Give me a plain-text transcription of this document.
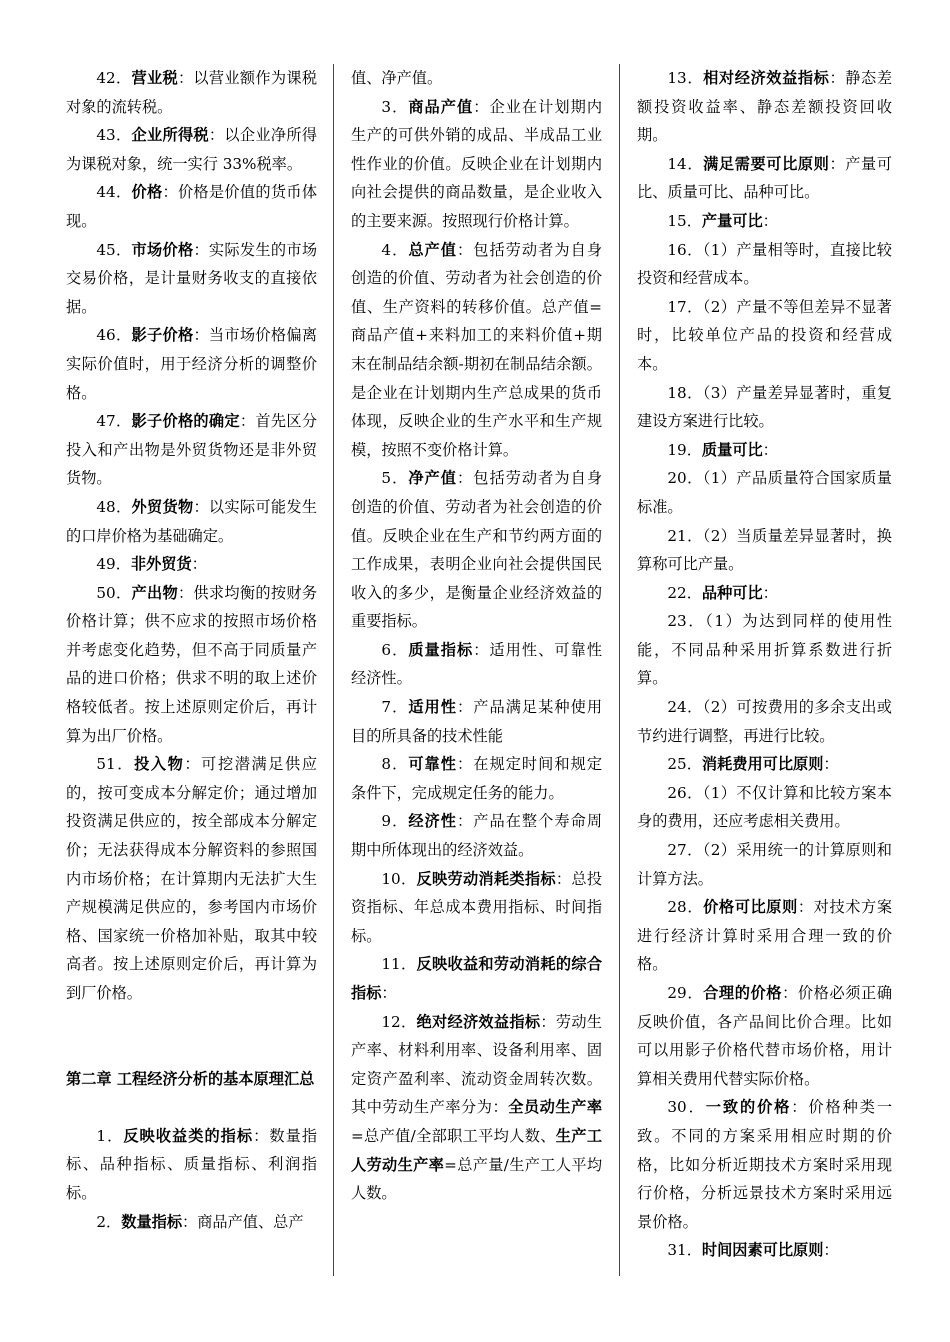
42．营业税：以营业额作为课税对象的流转税。

43．企业所得税：以企业净所得为课税对象，统一实行 33%税率。

44．价格：价格是价值的货币体现。

45．市场价格：实际发生的市场交易价格，是计量财务收支的直接依据。

46．影子价格：当市场价格偏离实际价值时，用于经济分析的调整价格。

47．影子价格的确定：首先区分投入和产出物是外贸货物还是非外贸货物。

48．外贸货物：以实际可能发生的口岸价格为基础确定。

49．非外贸货：

50．产出物：供求均衡的按财务价格计算；供不应求的按照市场价格并考虑变化趋势，但不高于同质量产品的进口价格；供求不明的取上述价格较低者。按上述原则定价后，再计算为出厂价格。

51．投入物：可挖潜满足供应的，按可变成本分解定价；通过增加投资满足供应的，按全部成本分解定价；无法获得成本分解资料的参照国内市场价格；在计算期内无法扩大生产规模满足供应的，参考国内市场价格、国家统一价格加补贴，取其中较高者。按上述原则定价后，再计算为到厂价格。

第二章 工程经济分析的基本原理汇总

1．反映收益类的指标：数量指标、品种指标、质量指标、利润指标。

2．数量指标：商品产值、总产

值、净产值。

3．商品产值：企业在计划期内生产的可供外销的成品、半成品工业性作业的价值。反映企业在计划期内向社会提供的商品数量，是企业收入的主要来源。按照现行价格计算。

4．总产值：包括劳动者为自身创造的价值、劳动者为社会创造的价值、生产资料的转移价值。总产值=商品产值+来料加工的来料价值+期末在制品结余额-期初在制品结余额。是企业在计划期内生产总成果的货币体现，反映企业的生产水平和生产规模，按照不变价格计算。

5．净产值：包括劳动者为自身创造的价值、劳动者为社会创造的价值。反映企业在生产和节约两方面的工作成果，表明企业向社会提供国民收入的多少，是衡量企业经济效益的重要指标。

6．质量指标：适用性、可靠性经济性。

7．适用性：产品满足某种使用目的所具备的技术性能

8．可靠性：在规定时间和规定条件下，完成规定任务的能力。

9．经济性：产品在整个寿命周期中所体现出的经济效益。

10．反映劳动消耗类指标：总投资指标、年总成本费用指标、时间指标。

11．反映收益和劳动消耗的综合指标：

12．绝对经济效益指标：劳动生产率、材料利用率、设备利用率、固定资产盈利率、流动资金周转次数。其中劳动生产率分为：全员动生产率=总产值/全部职工平均人数、生产工人劳动生产率=总产量/生产工人平均人数。

13．相对经济效益指标：静态差额投资收益率、静态差额投资回收期。

14．满足需要可比原则：产量可比、质量可比、品种可比。

15．产量可比：

16．（1）产量相等时，直接比较投资和经营成本。

17．（2）产量不等但差异不显著时，比较单位产品的投资和经营成本。

18．（3）产量差异显著时，重复建设方案进行比较。

19．质量可比：

20．（1）产品质量符合国家质量标准。

21．（2）当质量差异显著时，换算称可比产量。

22．品种可比：

23．（1）为达到同样的使用性能，不同品种采用折算系数进行折算。

24．（2）可按费用的多余支出或节约进行调整，再进行比较。

25．消耗费用可比原则：

26．（1）不仅计算和比较方案本身的费用，还应考虑相关费用。

27．（2）采用统一的计算原则和计算方法。

28．价格可比原则：对技术方案进行经济计算时采用合理一致的价格。

29．合理的价格：价格必须正确反映价值，各产品间比价合理。比如可以用影子价格代替市场价格，用计算相关费用代替实际价格。

30．一致的价格：价格种类一致。不同的方案采用相应时期的价格，比如分析近期技术方案时采用现行价格，分析远景技术方案时采用远景价格。

31．时间因素可比原则：
